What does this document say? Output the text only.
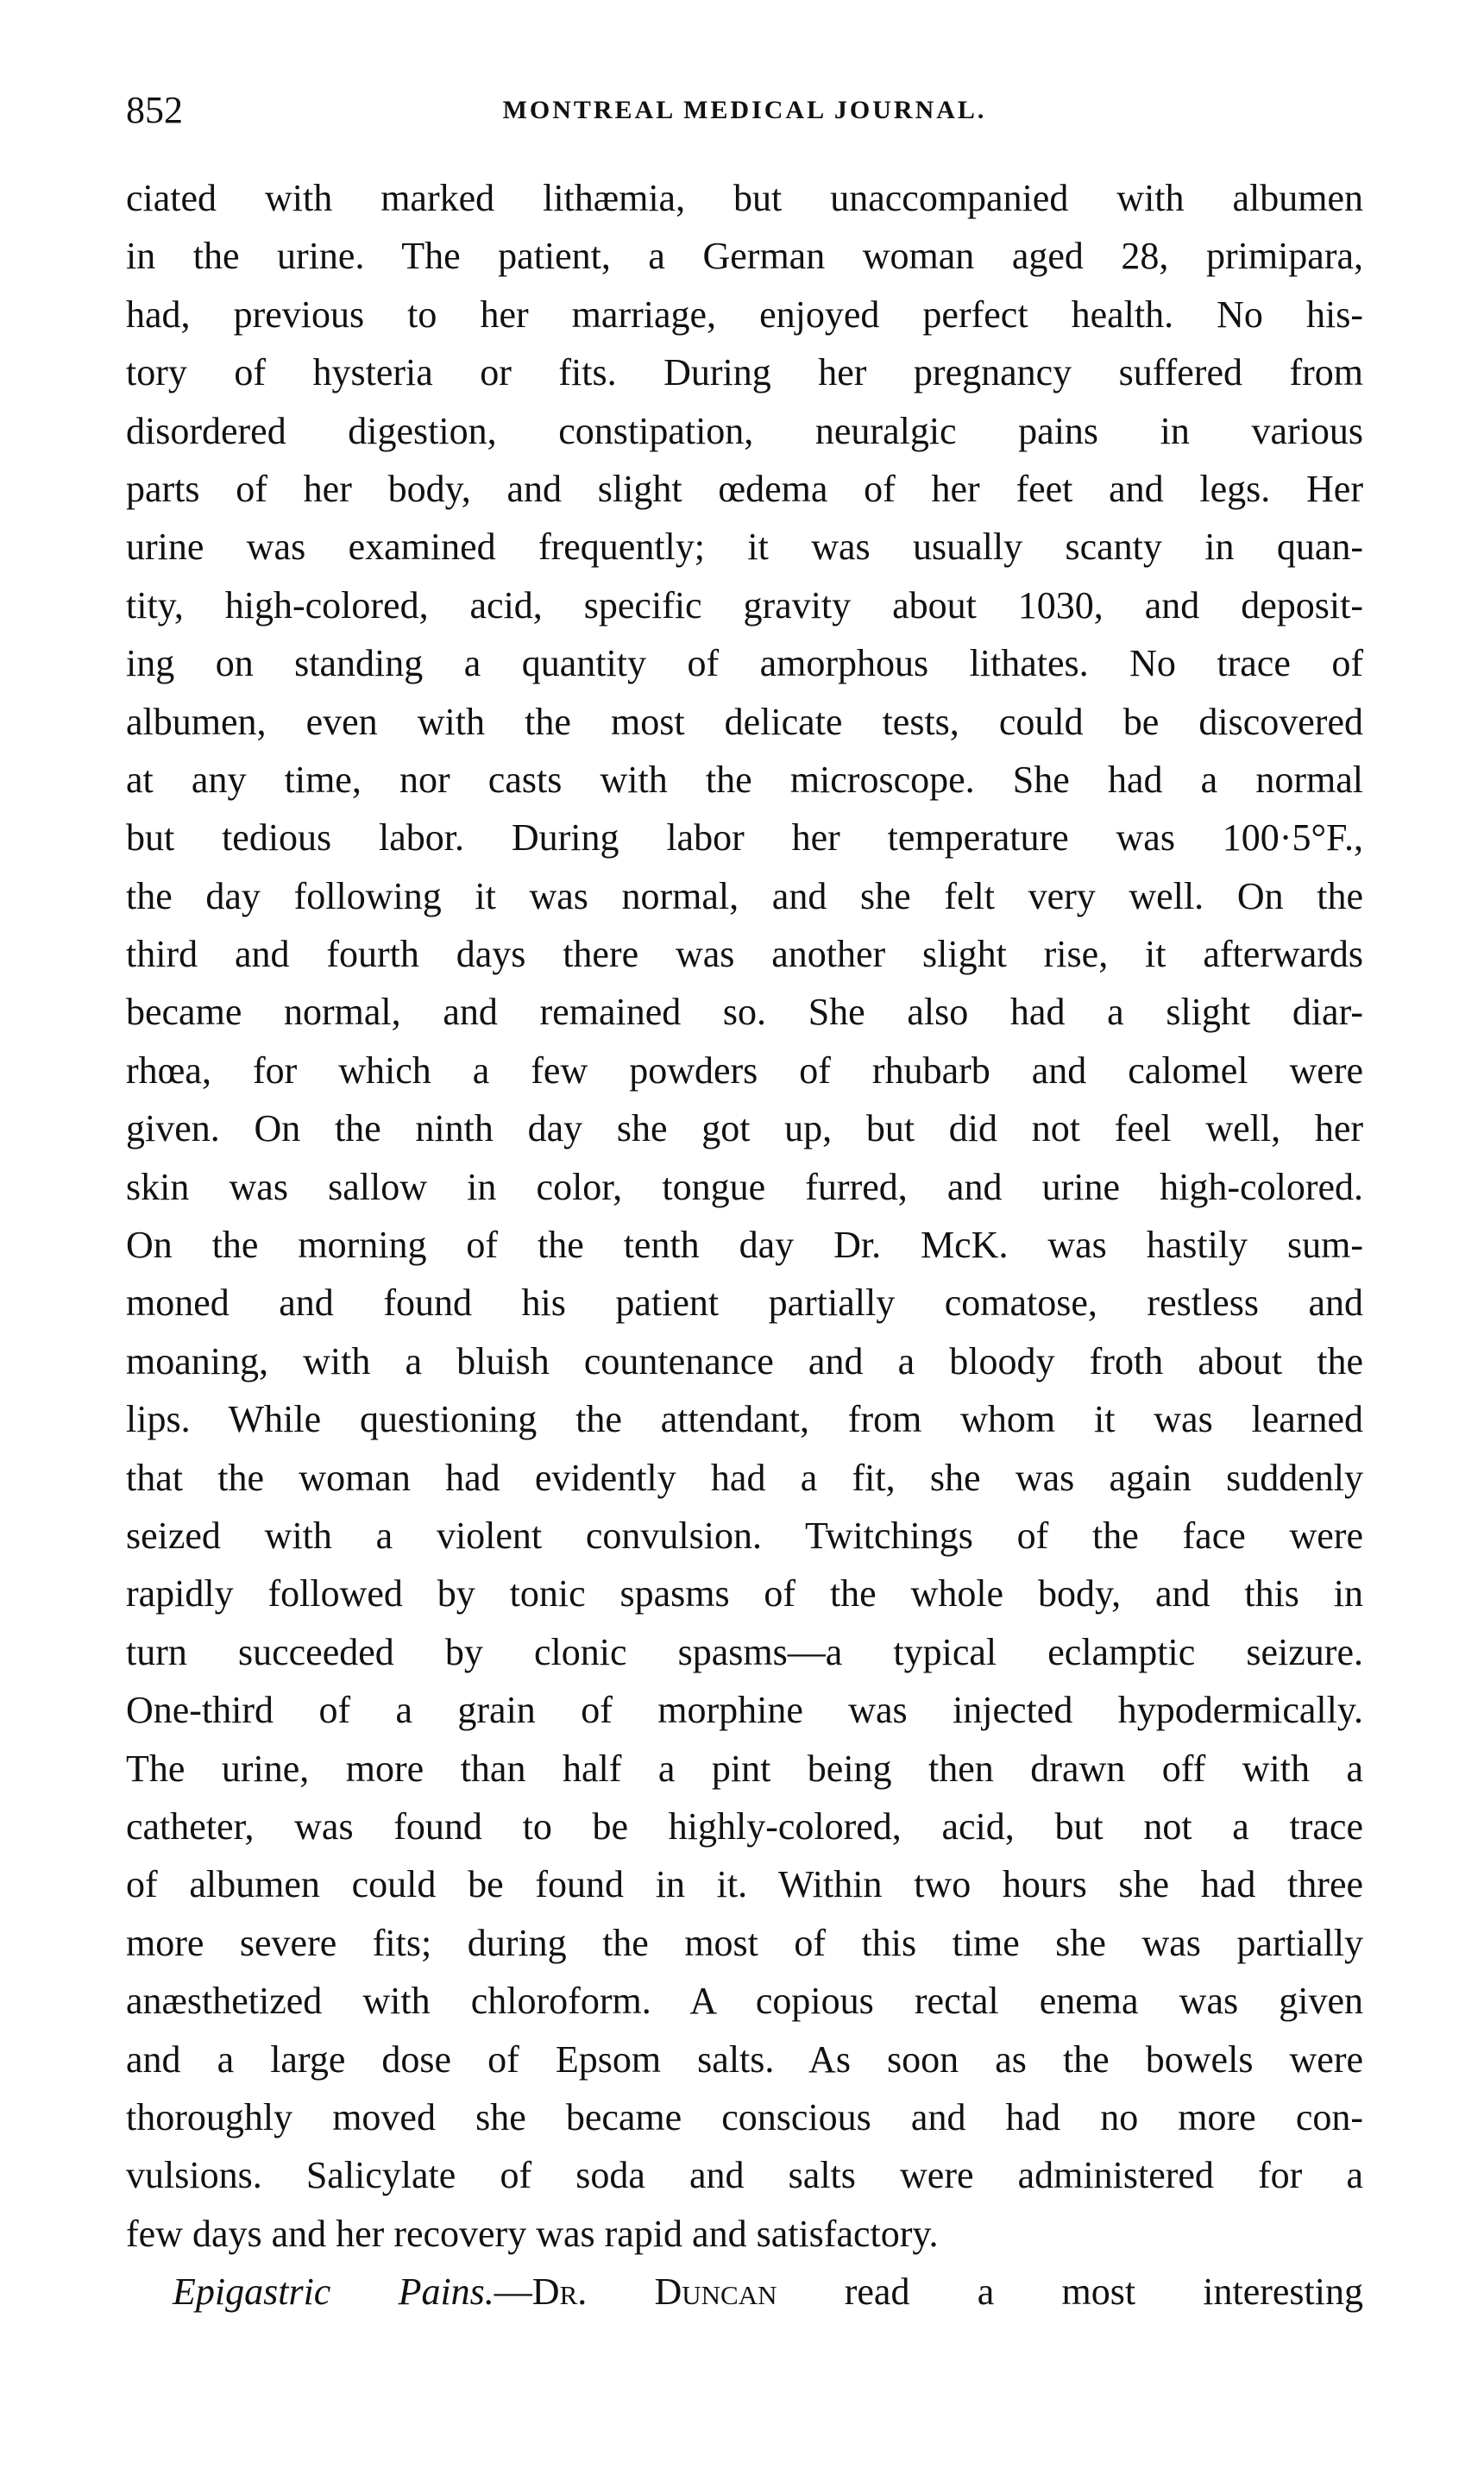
852	MONTREAL MEDICAL JOURNAL.
ciated with marked lithæmia, but unaccompanied with albumen
in the urine. The patient, a German woman aged 28, primipara,
had, previous to her marriage, enjoyed perfect health. No his-
tory of hysteria or fits. During her pregnancy suffered from
disordered digestion, constipation, neuralgic pains in various
parts of her body, and slight œdema of her feet and legs. Her
urine was examined frequently; it was usually scanty in quan-
tity, high-colored, acid, specific gravity about 1030, and deposit-
ing on standing a quantity of amorphous lithates. No trace of
albumen, even with the most delicate tests, could be discovered
at any time, nor casts with the microscope. She had a normal
but tedious labor. During labor her temperature was 100·5°F.,
the day following it was normal, and she felt very well. On the
third and fourth days there was another slight rise, it afterwards
became normal, and remained so. She also had a slight diar-
rhœa, for which a few powders of rhubarb and calomel were
given. On the ninth day she got up, but did not feel well, her
skin was sallow in color, tongue furred, and urine high-colored.
On the morning of the tenth day Dr. McK. was hastily sum-
moned and found his patient partially comatose, restless and
moaning, with a bluish countenance and a bloody froth about the
lips. While questioning the attendant, from whom it was learned
that the woman had evidently had a fit, she was again suddenly
seized with a violent convulsion. Twitchings of the face were
rapidly followed by tonic spasms of the whole body, and this in
turn succeeded by clonic spasms—a typical eclamptic seizure.
One-third of a grain of morphine was injected hypodermically.
The urine, more than half a pint being then drawn off with a
catheter, was found to be highly-colored, acid, but not a trace
of albumen could be found in it. Within two hours she had three
more severe fits; during the most of this time she was partially
anæsthetized with chloroform. A copious rectal enema was given
and a large dose of Epsom salts. As soon as the bowels were
thoroughly moved she became conscious and had no more con-
vulsions. Salicylate of soda and salts were administered for a
few days and her recovery was rapid and satisfactory.
Epigastric Pains.—Dr. Duncan read a most interesting
